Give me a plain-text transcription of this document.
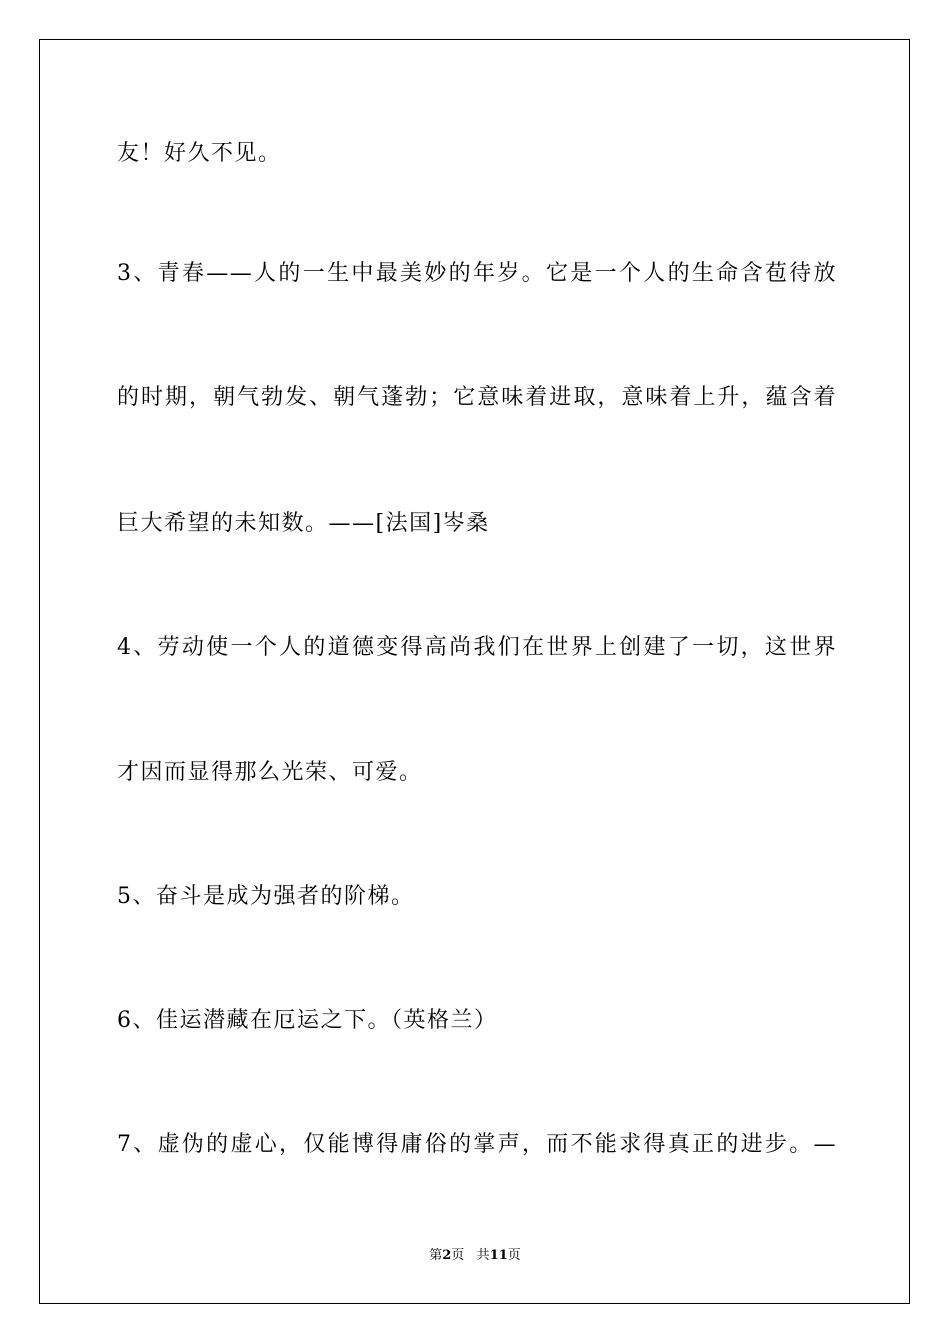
友！好久不见。
3、青春——人的一生中最美妙的年岁。它是一个人的生命含苞待放
的时期，朝气勃发、朝气蓬勃；它意味着进取，意味着上升，蕴含着
巨大希望的未知数。——[法国]岑桑
4、劳动使一个人的道德变得高尚我们在世界上创建了一切，这世界
才因而显得那么光荣、可爱。
5、奋斗是成为强者的阶梯。
6、佳运潜藏在厄运之下。（英格兰）
7、虚伪的虚心，仅能博得庸俗的掌声，而不能求得真正的进步。—
第2页 共11页
